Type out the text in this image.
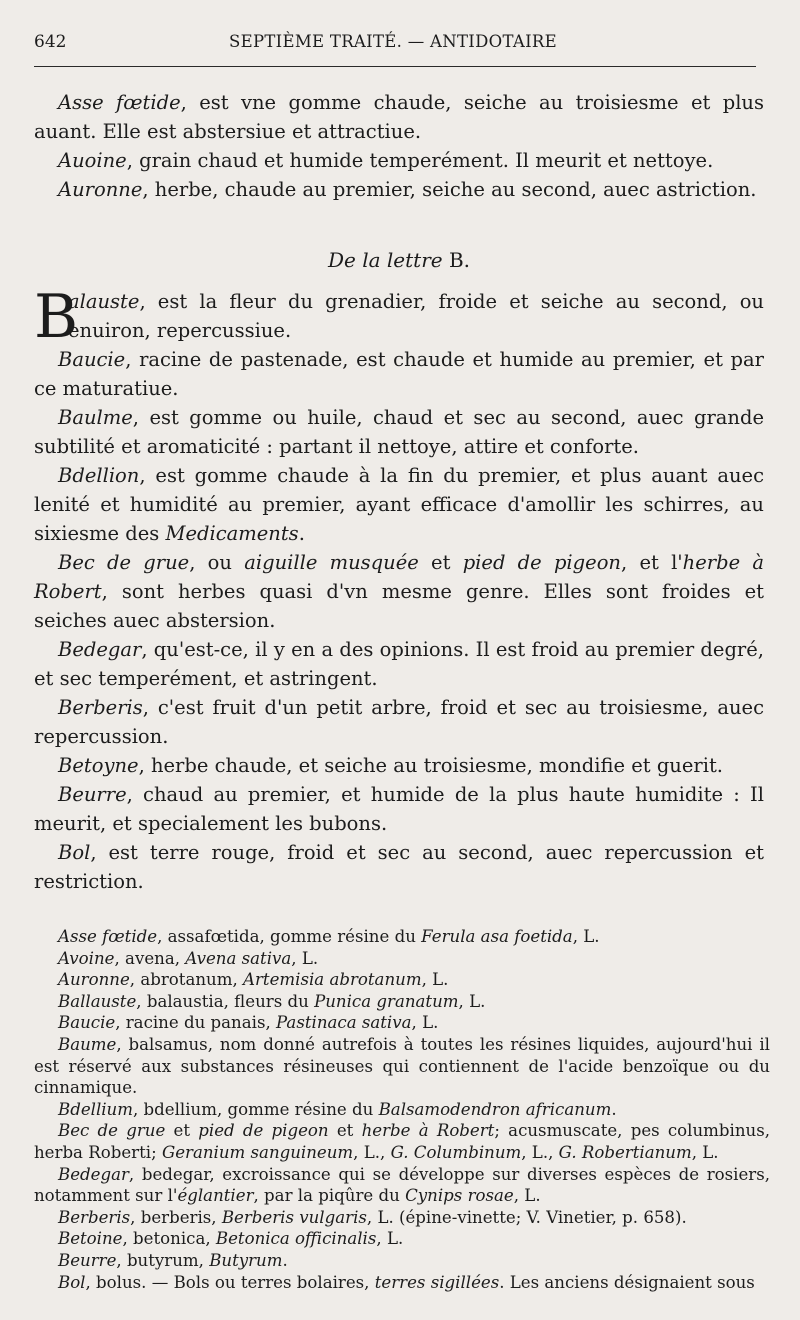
642	SEPTIÈME TRAITÉ. — ANTIDOTAIRE

Asse fœtide, est vne gomme chaude, seiche au troisiesme et plus auant. Elle est abstersiue et attractiue.

Auoine, grain chaud et humide temperément. Il meurit et nettoye.

Auronne, herbe, chaude au premier, seiche au second, auec astriction.

De la lettre B.

B
alauste, est la fleur du grenadier, froide et seiche au second, ou enuiron, repercussiue.

Baucie, racine de pastenade, est chaude et humide au premier, et par ce maturatiue.

Baulme, est gomme ou huile, chaud et sec au second, auec grande subtilité et aromaticité : partant il nettoye, attire et conforte.

Bdellion, est gomme chaude à la fin du premier, et plus auant auec lenité et humidité au premier, ayant efficace d'amollir les schirres, au sixiesme des Medicaments.

Bec de grue, ou aiguille musquée et pied de pigeon, et l'herbe à Robert, sont herbes quasi d'vn mesme genre. Elles sont froides et seiches auec abstersion.

Bedegar, qu'est-ce, il y en a des opinions. Il est froid au premier degré, et sec temperément, et astringent.

Berberis, c'est fruit d'un petit arbre, froid et sec au troisiesme, auec repercussion.

Betoyne, herbe chaude, et seiche au troisiesme, mondifie et guerit.

Beurre, chaud au premier, et humide de la plus haute humidite : Il meurit, et specialement les bubons.

Bol, est terre rouge, froid et sec au second, auec repercussion et restriction.

Asse fœtide, assafœtida, gomme résine du Ferula asa foetida, L.

Avoine, avena, Avena sativa, L.

Auronne, abrotanum, Artemisia abrotanum, L.

Ballauste, balaustia, fleurs du Punica granatum, L.

Baucie, racine du panais, Pastinaca sativa, L.

Baume, balsamus, nom donné autrefois à toutes les résines liquides, aujourd'hui il est réservé aux substances résineuses qui contiennent de l'acide benzoïque ou du cinnamique.

Bdellium, bdellium, gomme résine du Balsamodendron africanum.

Bec de grue et pied de pigeon et herbe à Robert; acusmuscate, pes columbinus, herba Roberti; Geranium sanguineum, L., G. Columbinum, L., G. Robertianum, L.

Bedegar, bedegar, excroissance qui se développe sur diverses espèces de rosiers, notamment sur l'églantier, par la piqûre du Cynips rosae, L.

Berberis, berberis, Berberis vulgaris, L. (épine-vinette; V. Vinetier, p. 658).

Betoine, betonica, Betonica officinalis, L.

Beurre, butyrum, Butyrum.

Bol, bolus. — Bols ou terres bolaires, terres sigillées. Les anciens désignaient sous
